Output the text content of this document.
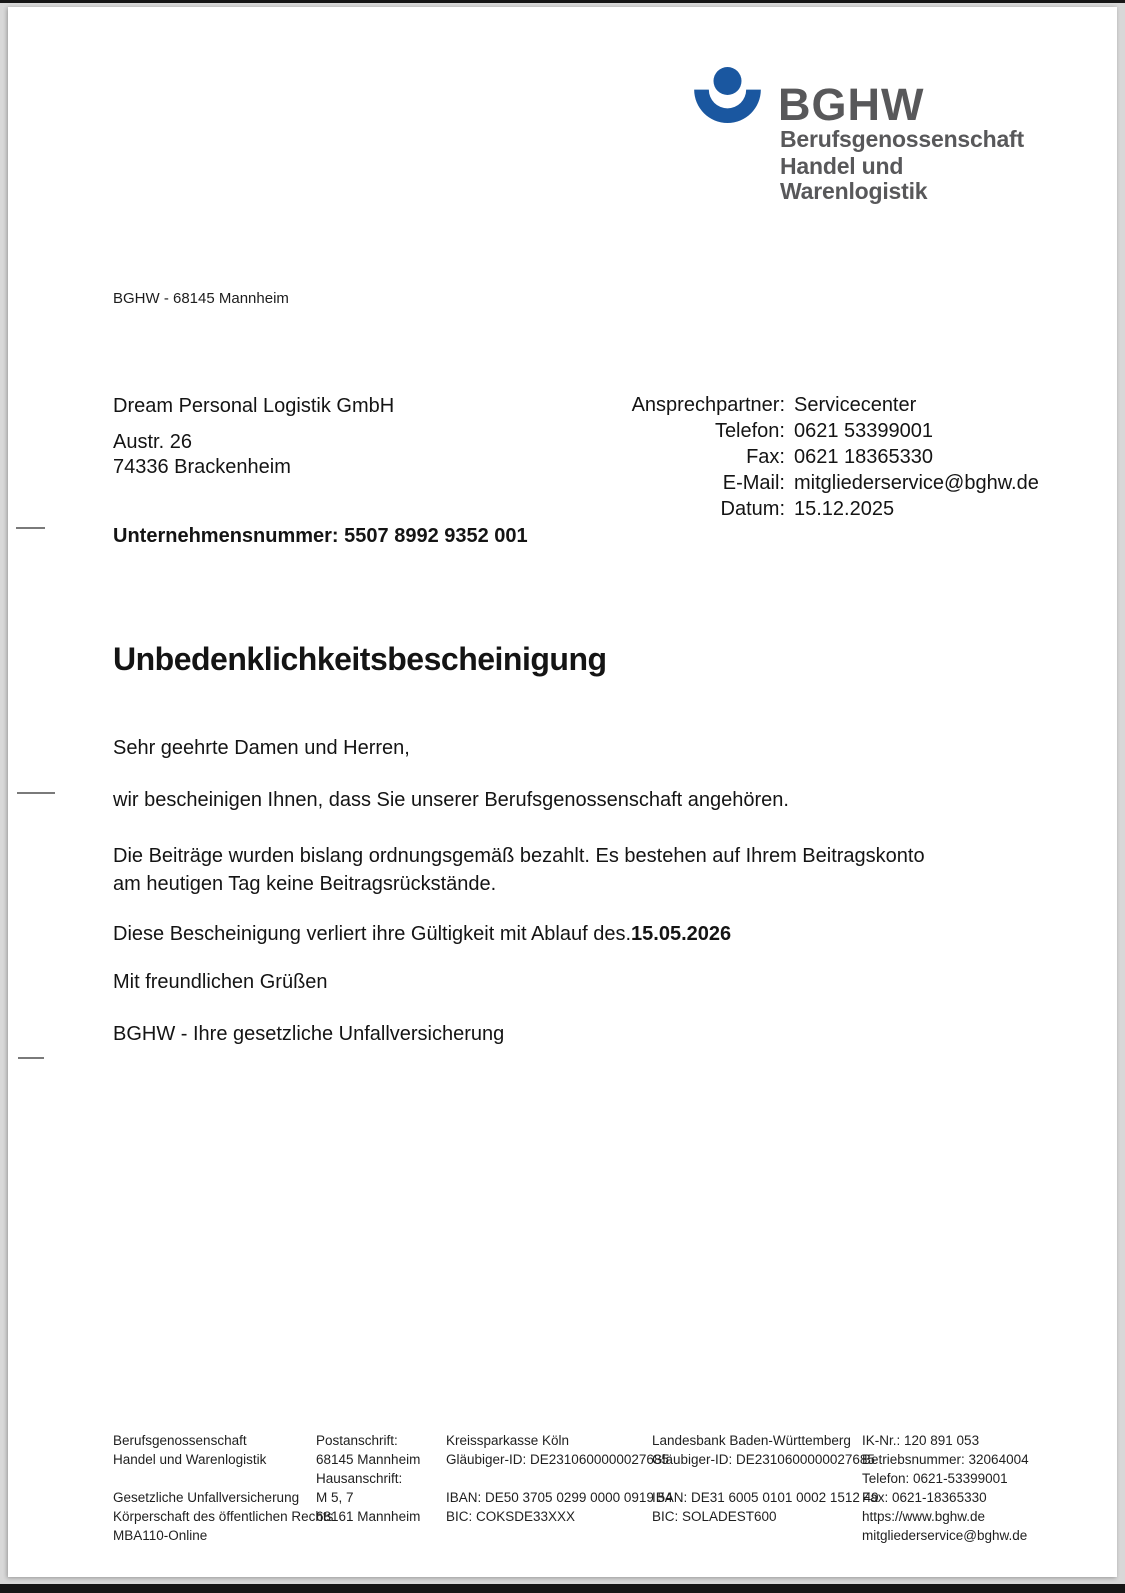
BGHW
Berufsgenossenschaft
Handel und Warenlogistik
BGHW - 68145 Mannheim
Dream Personal Logistik GmbH
Austr. 26
74336 Brackenheim
Ansprechpartner: Servicecenter
Telefon: 0621 53399001
Fax: 0621 18365330
E-Mail: mitgliederservice@bghw.de
Datum: 15.12.2025
Unternehmensnummer: 5507 8992 9352 001
Unbedenklichkeitsbescheinigung
Sehr geehrte Damen und Herren,
wir bescheinigen Ihnen, dass Sie unserer Berufsgenossenschaft angehören.
Die Beiträge wurden bislang ordnungsgemäß bezahlt. Es bestehen auf Ihrem Beitragskonto
am heutigen Tag keine Beitragsrückstände.
Diese Bescheinigung verliert ihre Gültigkeit mit Ablauf des.15.05.2026
Mit freundlichen Grüßen
BGHW - Ihre gesetzliche Unfallversicherung
Berufsgenossenschaft
Handel und Warenlogistik
Gesetzliche Unfallversicherung
Körperschaft des öffentlichen Rechts
MBA110-Online
Postanschrift:
68145 Mannheim
Hausanschrift:
M 5, 7
68161 Mannheim
Kreissparkasse Köln
Gläubiger-ID: DE2310600000027685
IBAN: DE50 3705 0299 0000 0919 54
BIC: COKSDE33XXX
Landesbank Baden-Württemberg
Gläubiger-ID: DE2310600000027685
IBAN: DE31 6005 0101 0002 1512 49
BIC: SOLADEST600
IK-Nr.: 120 891 053
Betriebsnummer: 32064004
Telefon: 0621-53399001
Fax: 0621-18365330
https://www.bghw.de
mitgliederservice@bghw.de
